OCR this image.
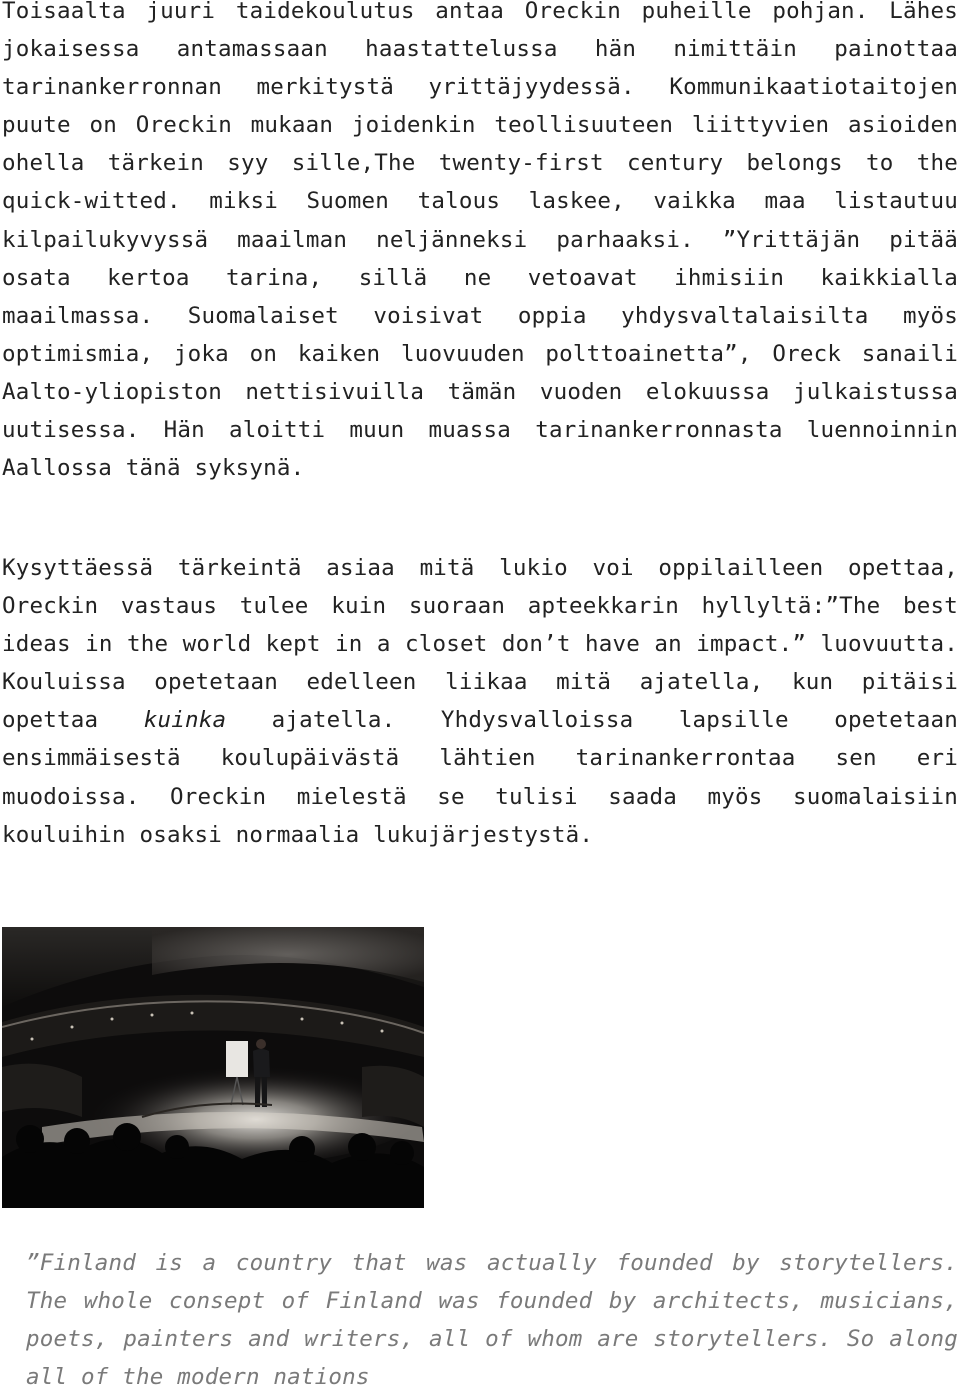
Toisaalta juuri taidekoulutus antaa Oreckin puheille pohjan. Lähes jokaisessa antamassaan haastattelussa hän nimittäin painottaa tarinankerronnan merkitystä yrittäjyydessä. Kommunikaatiotaitojen puute on Oreckin mukaan joidenkin teollisuuteen liittyvien asioiden ohella tärkein syy sille,The twenty-first century belongs to the quick-witted. miksi Suomen talous laskee, vaikka maa listautuu kilpailukyvyssä maailman neljänneksi parhaaksi. ”Yrittäjän pitää osata kertoa tarina, sillä ne vetoavat ihmisiin kaikkialla maailmassa. Suomalaiset voisivat oppia yhdysvaltalaisilta myös optimismia, joka on kaiken luovuuden polttoainetta”, Oreck sanaili Aalto-yliopiston nettisivuilla tämän vuoden elokuussa julkaistussa uutisessa. Hän aloitti muun muassa tarinankerronnasta luennoinnin Aallossa tänä syksynä.

Kysyttäessä tärkeintä asiaa mitä lukio voi oppilailleen opettaa, Oreckin vastaus tulee kuin suoraan apteekkarin hyllyltä:”The best ideas in the world kept in a closet don’t have an impact.” luovuutta. Kouluissa opetetaan edelleen liikaa mitä ajatella, kun pitäisi opettaa kuinka ajatella. Yhdysvalloissa lapsille opetetaan ensimmäisestä koulupäivästä lähtien tarinankerrontaa sen eri muodoissa. Oreckin mielestä se tulisi saada myös suomalaisiin kouluihin osaksi normaalia lukujärjestystä.

”Finland is a country that was actually founded by storytellers. The whole consept of Finland was founded by architects, musicians, poets, painters and writers, all of whom are storytellers. So along all of the modern nations
